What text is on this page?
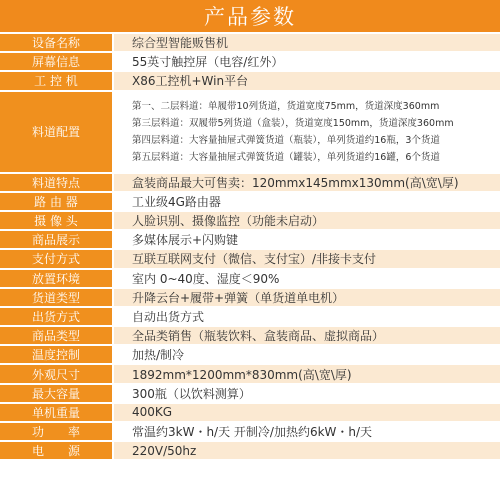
产品参数
设备名称	综合型智能贩售机
屏幕信息	55英寸触控屏（电容/红外）
工 控 机	X86工控机+Win平台
料道配置
第一、二层料道：单履带10列货道，货道宽度75mm，货道深度360mm
第三层料道：双履带5列货道（盒装），货道宽度150mm，货道深度360mm
第四层料道：大容量抽屉式弹簧货道（瓶装），单列货道约16瓶，3个货道
第五层料道：大容量抽屉式弹簧货道（罐装），单列货道约16罐，6个货道
料道特点	盒装商品最大可售卖：120mmx145mmx130mm(高\宽\厚)
路 由 器	工业级4G路由器
摄 像 头	人脸识别、摄像监控（功能未启动）
商品展示	多媒体展示+闪购键
支付方式	互联互联网支付（微信、支付宝）/非接卡支付
放置环境	室内 0~40度、湿度＜90%
货道类型	升降云台+履带+弹簧（单货道单电机）
出货方式	自动出货方式
商品类型	全品类销售（瓶装饮料、盒装商品、虚拟商品）
温度控制	加热/制冷
外观尺寸	1892mm*1200mm*830mm(高\宽\厚)
最大容量	300瓶（以饮料测算）
单机重量	400KG
功　　率	常温约3kW・h/天 开制冷/加热约6kW・h/天
电　　源	220V/50hz
